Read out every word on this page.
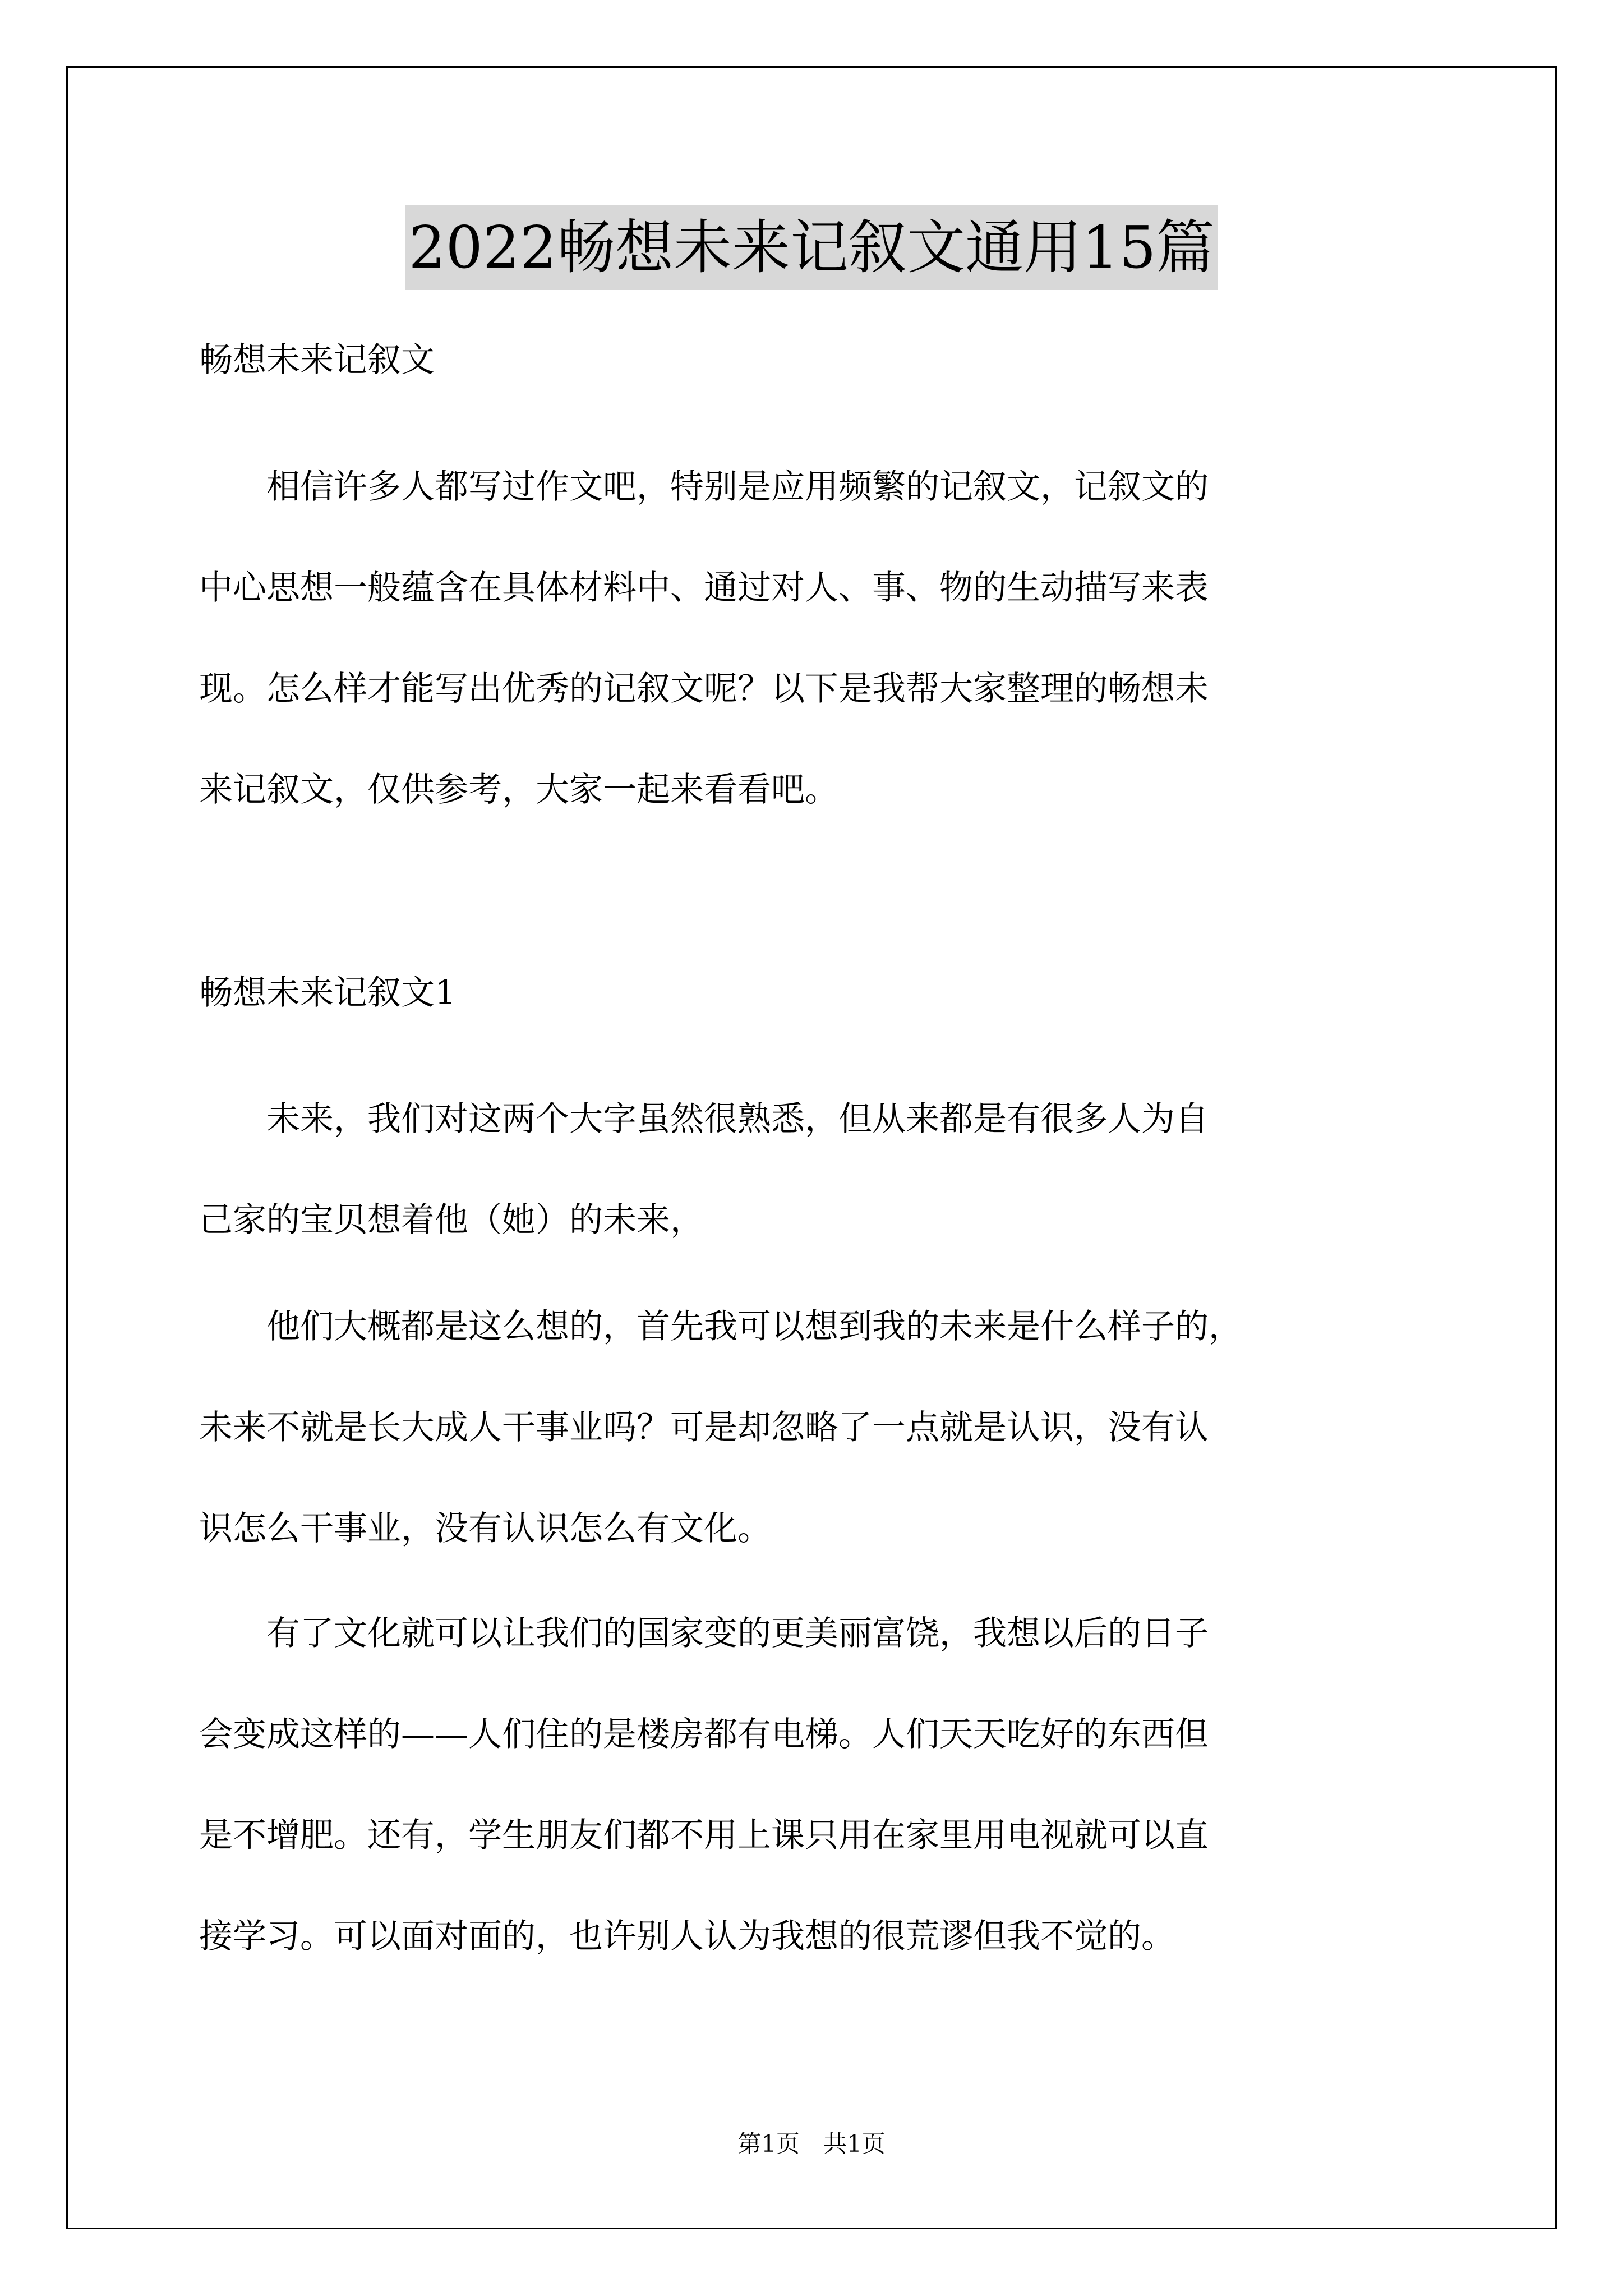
2022畅想未来记叙文通用15篇
畅想未来记叙文
　　相信许多人都写过作文吧，特别是应用频繁的记叙文，记叙文的
中心思想一般蕴含在具体材料中、通过对人、事、物的生动描写来表
现。怎么样才能写出优秀的记叙文呢？以下是我帮大家整理的畅想未
来记叙文，仅供参考，大家一起来看看吧。
畅想未来记叙文1
　　未来，我们对这两个大字虽然很熟悉，但从来都是有很多人为自
己家的宝贝想着他（她）的未来，
　　他们大概都是这么想的，首先我可以想到我的未来是什么样子的，
未来不就是长大成人干事业吗？可是却忽略了一点就是认识，没有认
识怎么干事业，没有认识怎么有文化。
　　有了文化就可以让我们的国家变的更美丽富饶，我想以后的日子
会变成这样的——人们住的是楼房都有电梯。人们天天吃好的东西但
是不增肥。还有，学生朋友们都不用上课只用在家里用电视就可以直
接学习。可以面对面的，也许别人认为我想的很荒谬但我不觉的。
第1页　共1页
